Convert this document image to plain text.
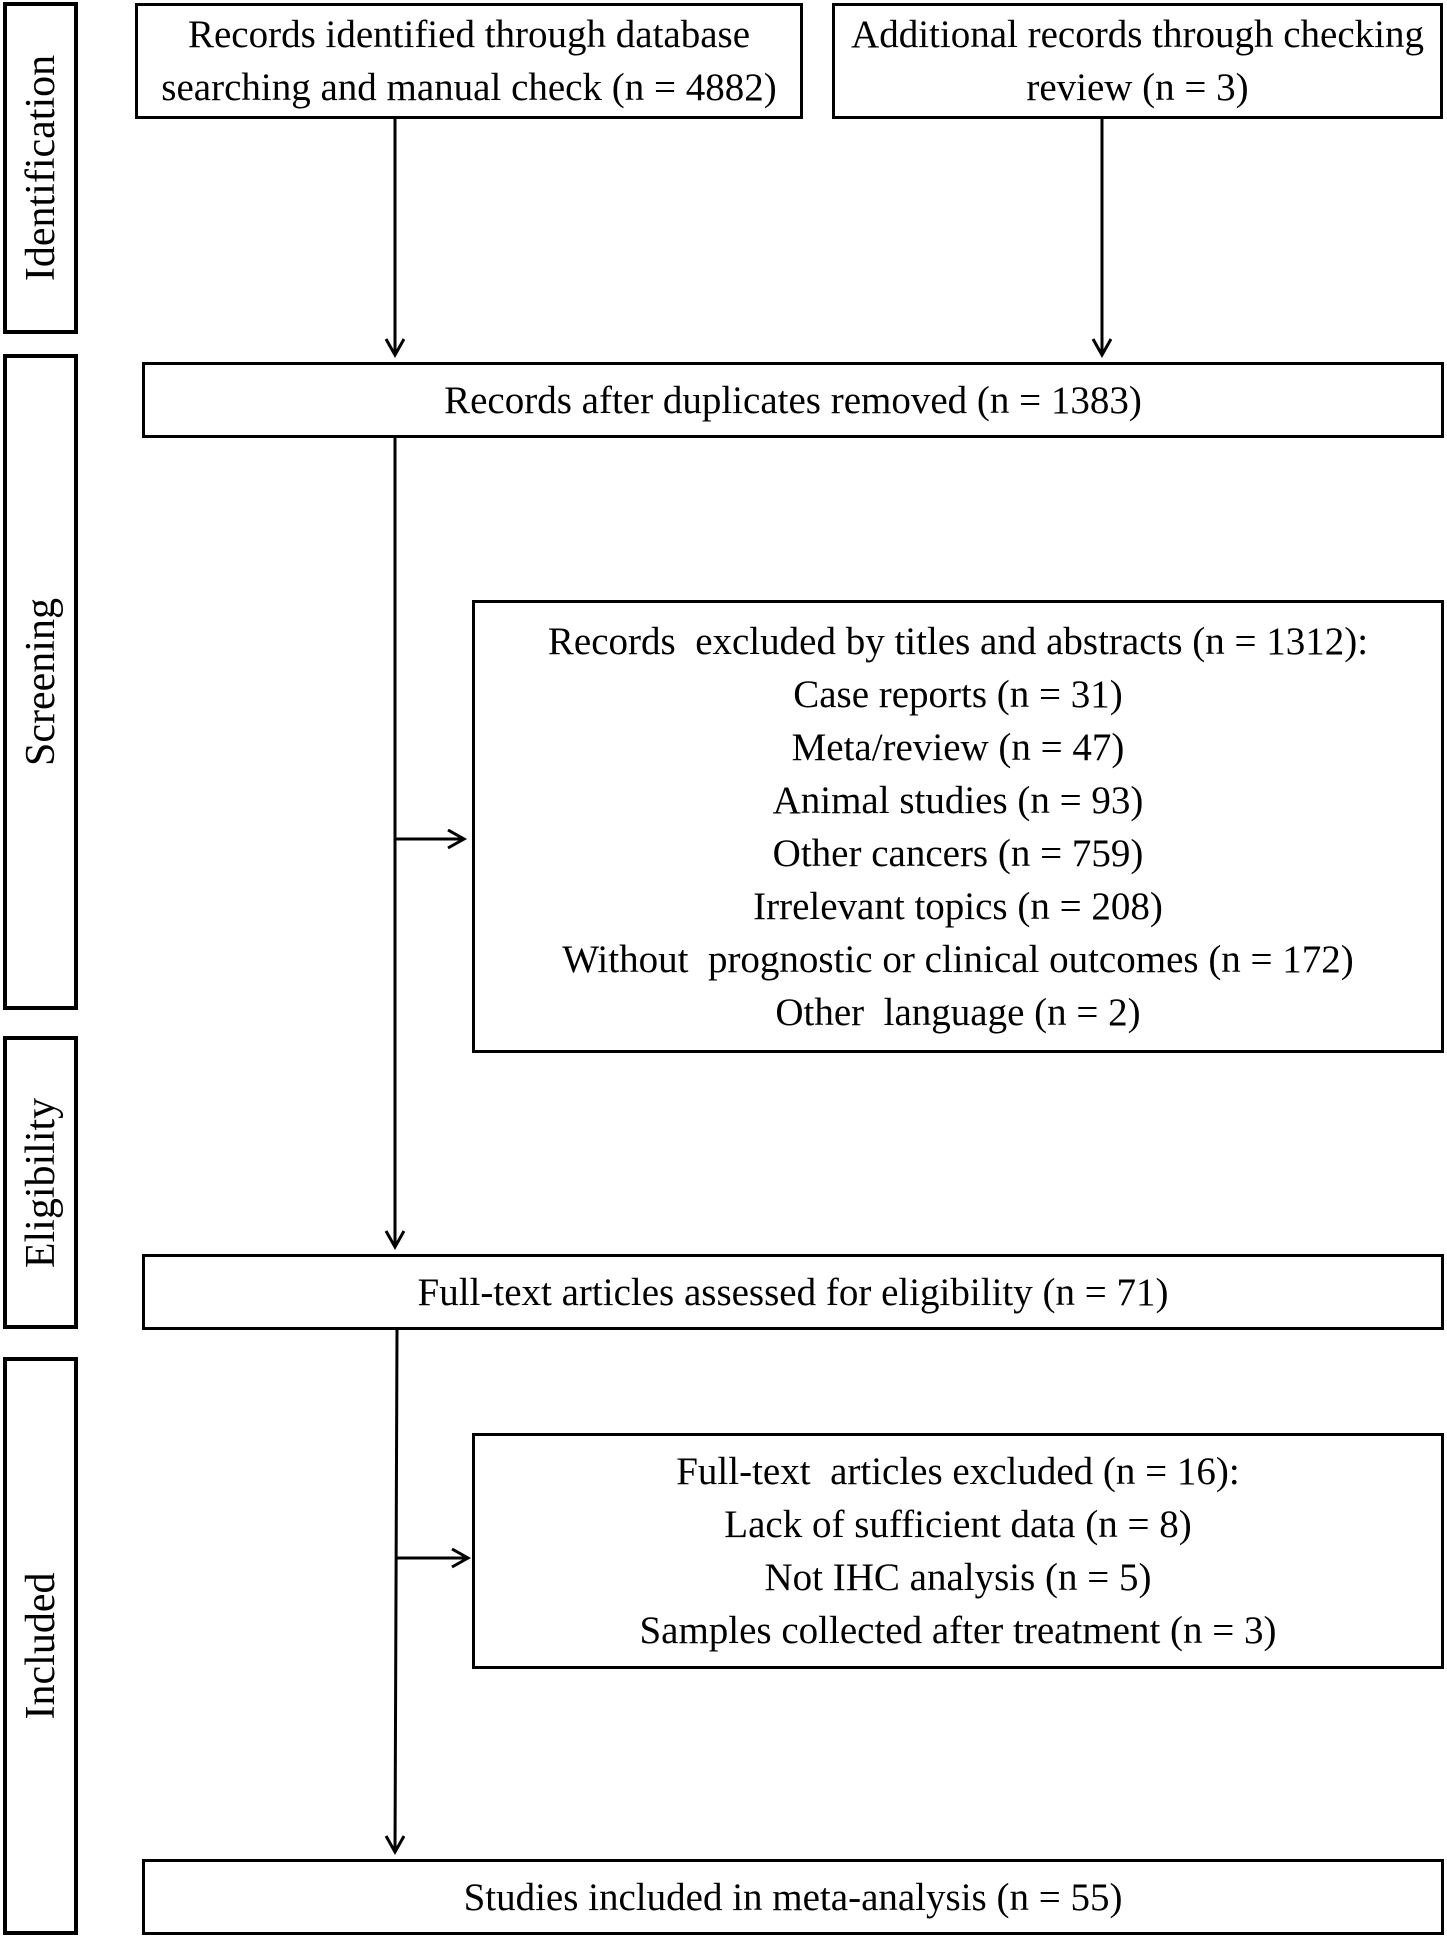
Identification
Screening
Eligibility
Included
Records identified through database
searching and manual check (n = 4882)
Additional records through checking
review (n = 3)
Records after duplicates removed (n = 1383)
Records  excluded by titles and abstracts (n = 1312):
Case reports (n = 31)
Meta/review (n = 47)
Animal studies (n = 93)
Other cancers (n = 759)
Irrelevant topics (n = 208)
Without  prognostic or clinical outcomes (n = 172)
Other  language (n = 2)
Full-text articles assessed for eligibility (n = 71)
Full-text  articles excluded (n = 16):
Lack of sufficient data (n = 8)
Not IHC analysis (n = 5)
Samples collected after treatment (n = 3)
Studies included in meta-analysis (n = 55)
